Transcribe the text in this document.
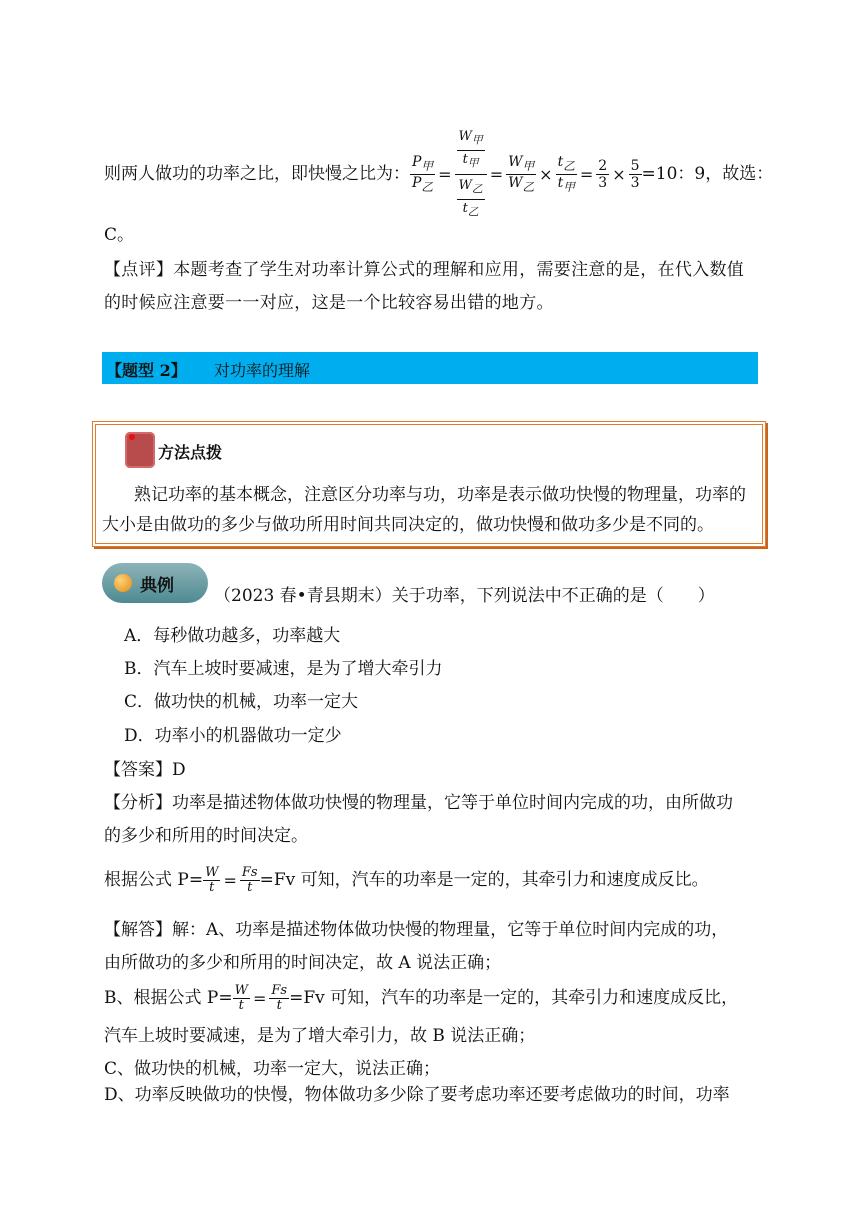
则两人做功的功率之比，即快慢之比为： $\frac{P_甲}{P_乙} = \frac{\frac{W_甲}{t_甲}}{\frac{W_乙}{t_乙}} = \frac{W_甲}{W_乙} \times \frac{t_乙}{t_甲} = \frac{2}{3} \times \frac{5}{3} =10$：9，故选：
C。
【点评】本题考查了学生对功率计算公式的理解和应用，需要注意的是，在代入数值
的时候应注意要一一对应，这是一个比较容易出错的地方。
【题型 2】 对功率的理解
方法点拨
熟记功率的基本概念，注意区分功率与功，功率是表示做功快慢的物理量，功率的
大小是由做功的多少与做功所用时间共同决定的，做功快慢和做功多少是不同的。
典例 （2023 春•青县期末）关于功率，下列说法中不正确的是（　　）
A．每秒做功越多，功率越大
B．汽车上坡时要减速，是为了增大牵引力
C．做功快的机械，功率一定大
D．功率小的机器做功一定少
【答案】D
【分析】功率是描述物体做功快慢的物理量，它等于单位时间内完成的功，由所做功
的多少和所用的时间决定。
根据公式 $P= \frac{W}{t} = \frac{Fs}{t} =Fv$ 可知，汽车的功率是一定的，其牵引力和速度成反比。
【解答】解：A、功率是描述物体做功快慢的物理量，它等于单位时间内完成的功，
由所做功的多少和所用的时间决定，故 A 说法正确；
B、根据公式 $P= \frac{W}{t} = \frac{Fs}{t} =Fv$ 可知，汽车的功率是一定的，其牵引力和速度成反比，
汽车上坡时要减速，是为了增大牵引力，故 B 说法正确；
C、做功快的机械，功率一定大，说法正确；
D、功率反映做功的快慢，物体做功多少除了要考虑功率还要考虑做功的时间，功率
